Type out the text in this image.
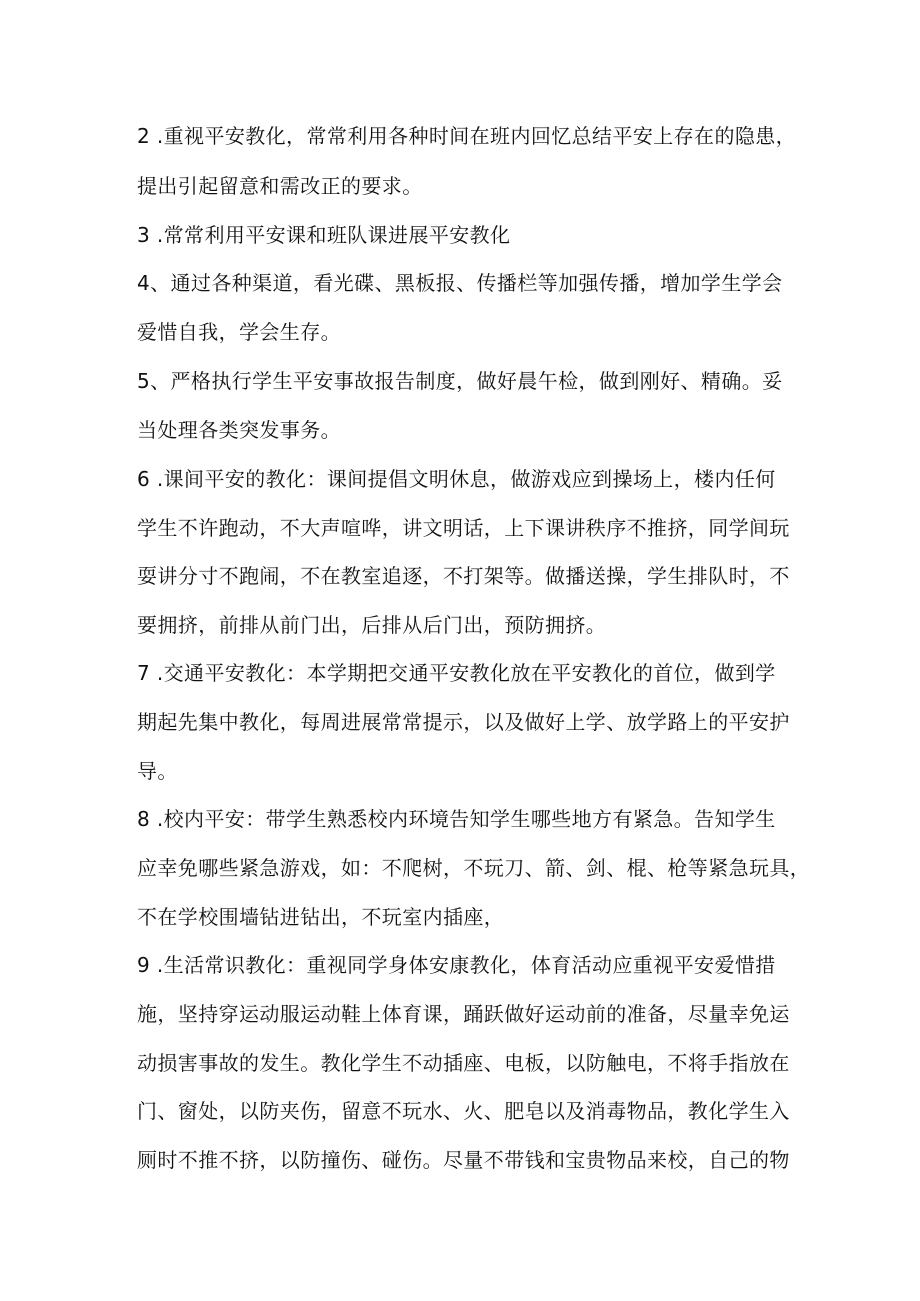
2 .重视平安教化，常常利用各种时间在班内回忆总结平安上存在的隐患，
提出引起留意和需改正的要求。
3 .常常利用平安课和班队课进展平安教化
4、通过各种渠道，看光碟、黑板报、传播栏等加强传播，增加学生学会
爱惜自我，学会生存。
5、严格执行学生平安事故报告制度，做好晨午检，做到刚好、精确。妥
当处理各类突发事务。
6 .课间平安的教化：课间提倡文明休息，做游戏应到操场上，楼内任何
学生不许跑动，不大声喧哗，讲文明话，上下课讲秩序不推挤，同学间玩
耍讲分寸不跑闹，不在教室追逐，不打架等。做播送操，学生排队时，不
要拥挤，前排从前门出，后排从后门出，预防拥挤。
7 .交通平安教化：本学期把交通平安教化放在平安教化的首位，做到学
期起先集中教化，每周进展常常提示，以及做好上学、放学路上的平安护
导。
8 .校内平安：带学生熟悉校内环境告知学生哪些地方有紧急。告知学生
应幸免哪些紧急游戏，如：不爬树，不玩刀、箭、剑、棍、枪等紧急玩具，
不在学校围墙钻进钻出，不玩室内插座，
9 .生活常识教化：重视同学身体安康教化，体育活动应重视平安爱惜措
施，坚持穿运动服运动鞋上体育课，踊跃做好运动前的准备，尽量幸免运
动损害事故的发生。教化学生不动插座、电板，以防触电，不将手指放在
门、窗处，以防夹伤，留意不玩水、火、肥皂以及消毒物品，教化学生入
厕时不推不挤，以防撞伤、碰伤。尽量不带钱和宝贵物品来校，自己的物
